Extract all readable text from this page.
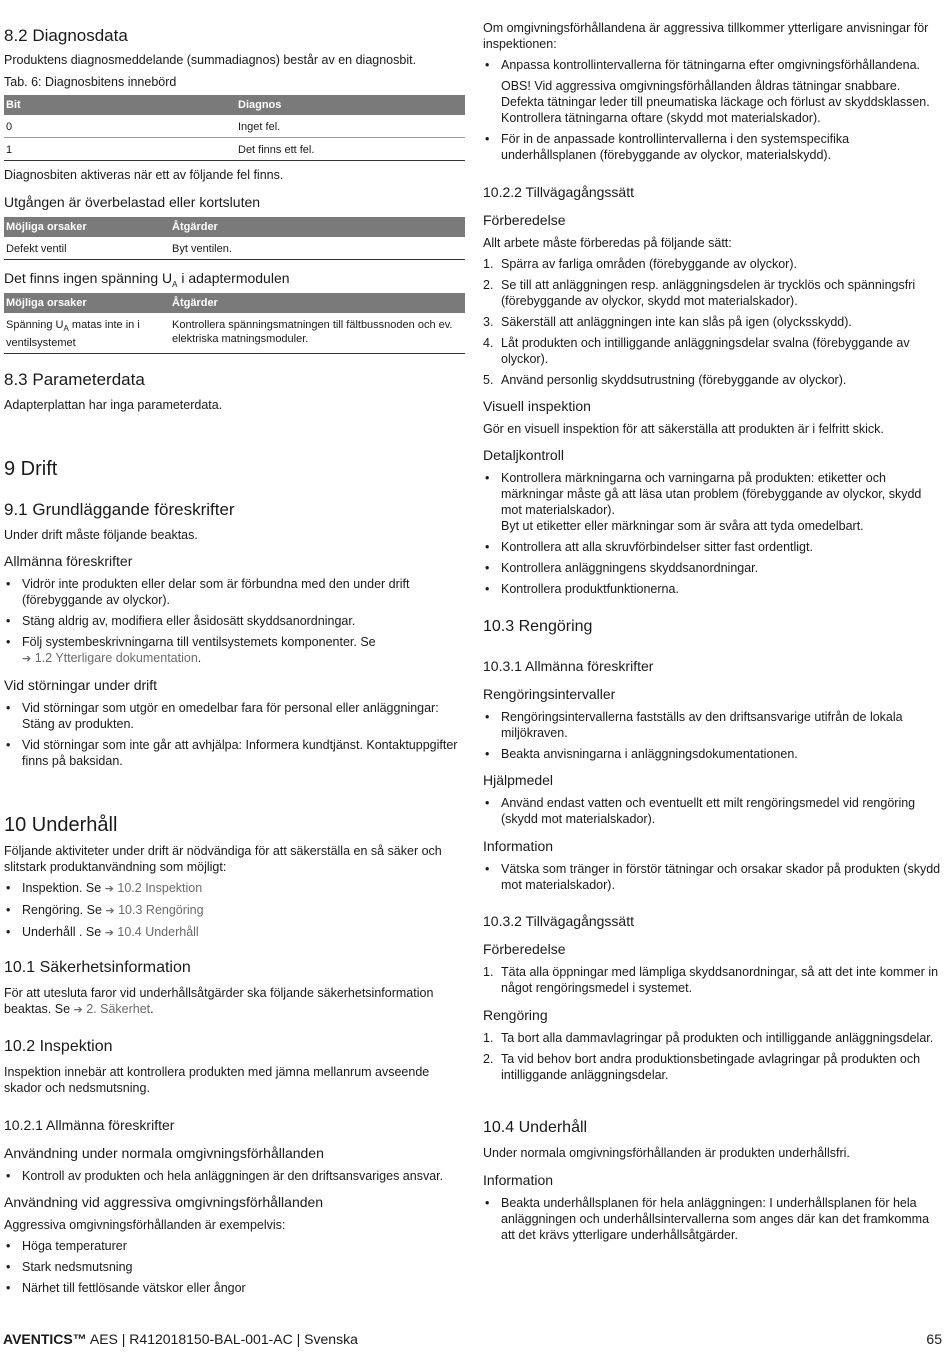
8.2 Diagnosdata

Produktens diagnosmeddelande (summadiagnos) består av en diagnosbit.

Tab. 6: Diagnosbitens innebörd

Bit	Diagnos
0	Inget fel.
1	Det finns ett fel.

Diagnosbiten aktiveras när ett av följande fel finns.

Utgången är överbelastad eller kortsluten
Möjliga orsaker	Åtgärder
Defekt ventil	Byt ventilen.
Det finns ingen spänning $U_A$ i adaptermodulen
Möjliga orsaker	Åtgärder
Spänning $U_A$ matas inte in i ventilsystemet	Kontrollera spänningsmatningen till fältbussnoden och ev. elektriska matningsmoduler.
8.3 Parameterdata

Adapterplattan har inga parameterdata.

9 Drift
9.1 Grundläggande föreskrifter

Under drift måste följande beaktas.

Allmänna föreskrifter
• Vidrör inte produkten eller delar som är förbundna med den under drift (förebyggande av olyckor).
• Stäng aldrig av, modifiera eller åsidosätt skyddsanordningar.
• Följ systembeskrivningarna till ventilsystemets komponenter. Se
➔ 1.2 Ytterligare dokumentation.
Vid störningar under drift
• Vid störningar som utgör en omedelbar fara för personal eller anläggningar: Stäng av produkten.
• Vid störningar som inte går att avhjälpa: Informera kundtjänst. Kontaktuppgifter finns på baksidan.
10 Underhåll

Följande aktiviteter under drift är nödvändiga för att säkerställa en så säker och slitstark produktanvändning som möjligt:

• Inspektion. Se ➔ 10.2 Inspektion
• Rengöring. Se ➔ 10.3 Rengöring
• Underhåll . Se ➔ 10.4 Underhåll
10.1 Säkerhetsinformation

För att utesluta faror vid underhållsåtgärder ska följande säkerhetsinformation beaktas. Se ➔ 2. Säkerhet.

10.2 Inspektion

Inspektion innebär att kontrollera produkten med jämna mellanrum avseende skador och nedsmutsning.

10.2.1 Allmänna föreskrifter
Användning under normala omgivningsförhållanden
• Kontroll av produkten och hela anläggningen är den driftsansvariges ansvar.
Användning vid aggressiva omgivningsförhållanden

Aggressiva omgivningsförhållanden är exempelvis:

• Höga temperaturer
• Stark nedsmutsning
• Närhet till fettlösande vätskor eller ångor

Om omgivningsförhållandena är aggressiva tillkommer ytterligare anvisningar för inspektionen:

• Anpassa kontrollintervallerna för tätningarna efter omgivningsförhållandena.
OBS! Vid aggressiva omgivningsförhållanden åldras tätningar snabbare. Defekta tätningar leder till pneumatiska läckage och förlust av skyddsklassen. Kontrollera tätningarna oftare (skydd mot materialskador).
• För in de anpassade kontrollintervallerna i den systemspecifika underhållsplanen (förebyggande av olyckor, materialskydd).
10.2.2 Tillvägagångssätt
Förberedelse

Allt arbete måste förberedas på följande sätt:

1. Spärra av farliga områden (förebyggande av olyckor).
2. Se till att anläggningen resp. anläggningsdelen är trycklös och spänningsfri (förebyggande av olyckor, skydd mot materialskador).
3. Säkerställ att anläggningen inte kan slås på igen (olycksskydd).
4. Låt produkten och intilliggande anläggningsdelar svalna (förebyggande av olyckor).
5. Använd personlig skyddsutrustning (förebyggande av olyckor).
Visuell inspektion

Gör en visuell inspektion för att säkerställa att produkten är i felfritt skick.

Detaljkontroll
• Kontrollera märkningarna och varningarna på produkten: etiketter och märkningar måste gå att läsa utan problem (förebyggande av olyckor, skydd mot materialskador).
Byt ut etiketter eller märkningar som är svåra att tyda omedelbart.
• Kontrollera att alla skruvförbindelser sitter fast ordentligt.
• Kontrollera anläggningens skyddsanordningar.
• Kontrollera produktfunktionerna.
10.3 Rengöring
10.3.1 Allmänna föreskrifter
Rengöringsintervaller
• Rengöringsintervallerna fastställs av den driftsansvarige utifrån de lokala miljökraven.
• Beakta anvisningarna i anläggningsdokumentationen.
Hjälpmedel
• Använd endast vatten och eventuellt ett milt rengöringsmedel vid rengöring (skydd mot materialskador).
Information
• Vätska som tränger in förstör tätningar och orsakar skador på produkten (skydd mot materialskador).
10.3.2 Tillvägagångssätt
Förberedelse
1. Täta alla öppningar med lämpliga skyddsanordningar, så att det inte kommer in något rengöringsmedel i systemet.
Rengöring
1. Ta bort alla dammavlagringar på produkten och intilliggande anläggningsdelar.
2. Ta vid behov bort andra produktionsbetingade avlagringar på produkten och intilliggande anläggningsdelar.
10.4 Underhåll

Under normala omgivningsförhållanden är produkten underhållsfri.

Information
• Beakta underhållsplanen för hela anläggningen: I underhållsplanen för hela anläggningen och underhållsintervallerna som anges där kan det framkomma att det krävs ytterligare underhållsåtgärder.
AVENTICS™ AES | R412018150-BAL-001-AC | Svenska	65
